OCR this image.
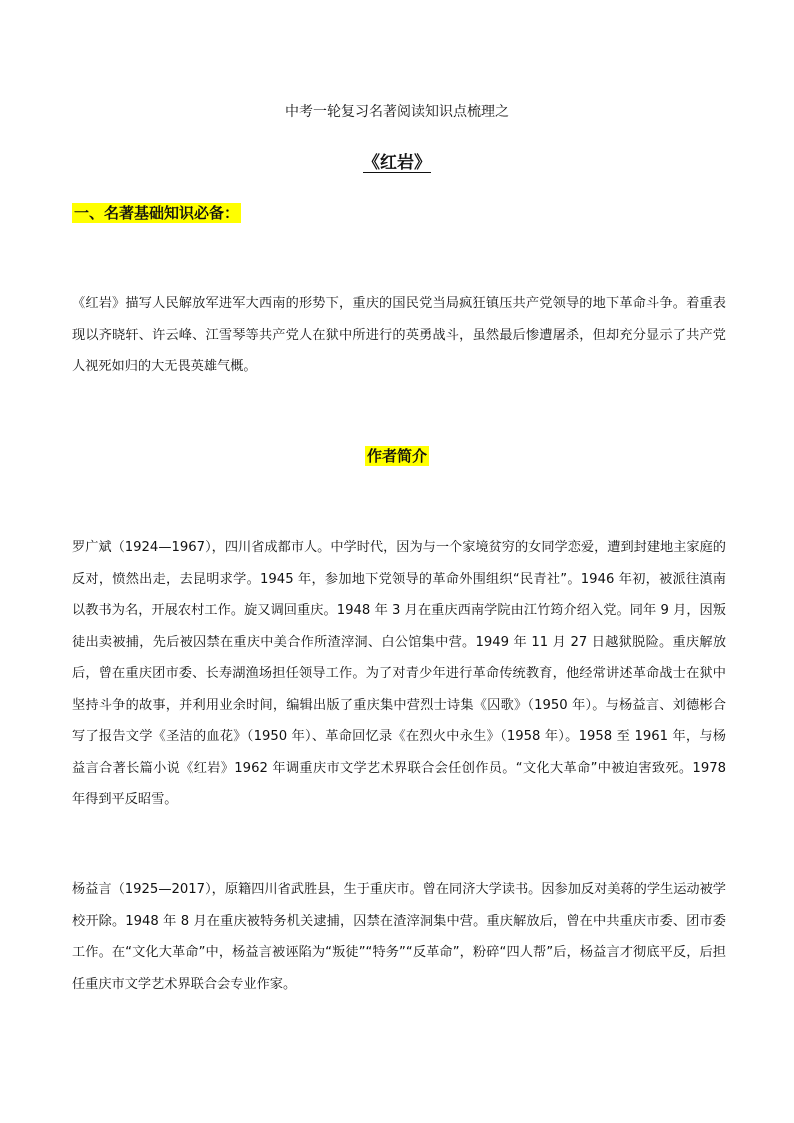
中考一轮复习名著阅读知识点梳理之
《红岩》
一、名著基础知识必备：

《红岩》描写人民解放军进军大西南的形势下，重庆的国民党当局疯狂镇压共产党领导的地下革命斗争。着重表现以齐晓轩、许云峰、江雪琴等共产党人在狱中所进行的英勇战斗，虽然最后惨遭屠杀，但却充分显示了共产党人视死如归的大无畏英雄气概。

作者简介

罗广斌（1924—1967），四川省成都市人。中学时代，因为与一个家境贫穷的女同学恋爱，遭到封建地主家庭的反对，愤然出走，去昆明求学。1945 年，参加地下党领导的革命外围组织“民青社”。1946 年初，被派往滇南以教书为名，开展农村工作。旋又调回重庆。1948 年 3 月在重庆西南学院由江竹筠介绍入党。同年 9 月，因叛徒出卖被捕，先后被囚禁在重庆中美合作所渣滓洞、白公馆集中营。1949 年 11 月 27 日越狱脱险。重庆解放后，曾在重庆团市委、长寿湖渔场担任领导工作。为了对青少年进行革命传统教育，他经常讲述革命战士在狱中坚持斗争的故事，并利用业余时间，编辑出版了重庆集中营烈士诗集《囚歌》（1950 年）。与杨益言、刘德彬合写了报告文学《圣洁的血花》（1950 年）、革命回忆录《在烈火中永生》（1958 年）。1958 至 1961 年，与杨益言合著长篇小说《红岩》1962 年调重庆市文学艺术界联合会任创作员。“文化大革命”中被迫害致死。1978 年得到平反昭雪。

杨益言（1925—2017），原籍四川省武胜县，生于重庆市。曾在同济大学读书。因参加反对美蒋的学生运动被学校开除。1948 年 8 月在重庆被特务机关逮捕，囚禁在渣滓洞集中营。重庆解放后，曾在中共重庆市委、团市委工作。在“文化大革命”中，杨益言被诬陷为“叛徒”“特务”“反革命”，粉碎“四人帮”后，杨益言才彻底平反，后担任重庆市文学艺术界联合会专业作家。
